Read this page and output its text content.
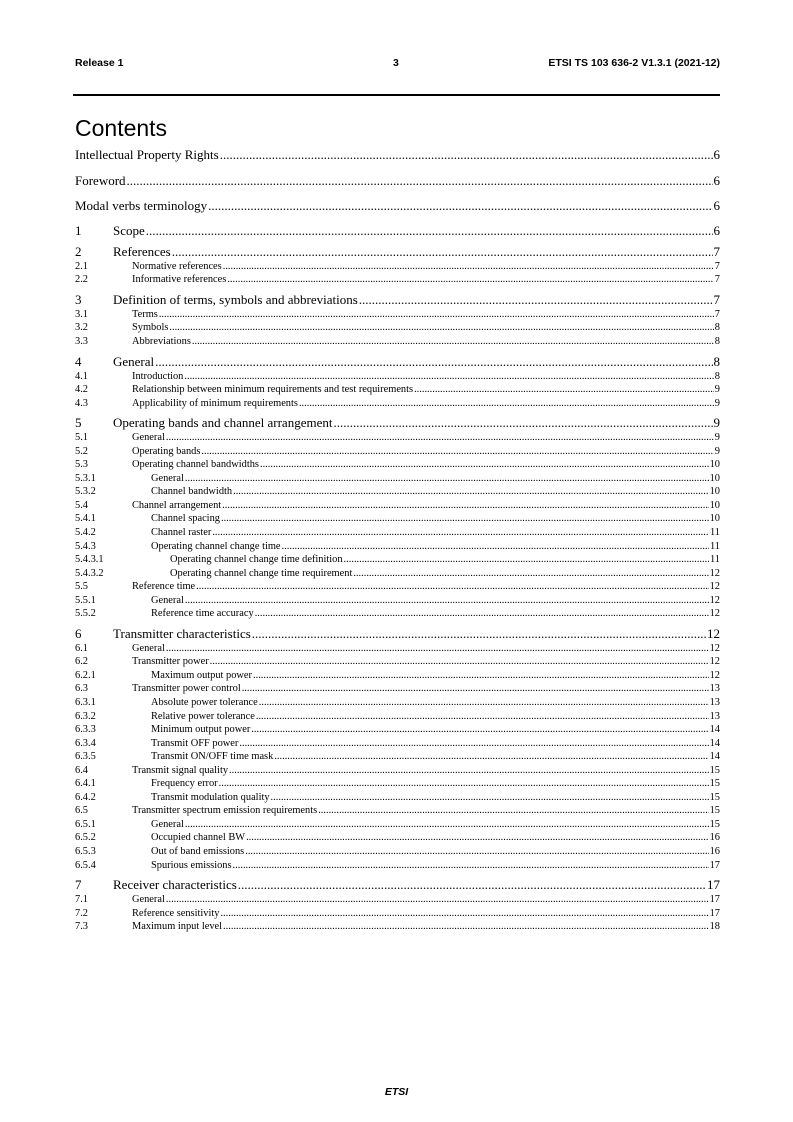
Release 1	3	ETSI TS 103 636-2 V1.3.1 (2021-12)
Contents
Intellectual Property Rights .....	6
Foreword .....	6
Modal verbs terminology .....	6
1	Scope .....	6
2	References .....	7
2.1	Normative references .....	7
2.2	Informative references .....	7
3	Definition of terms, symbols and abbreviations .....	7
3.1	Terms .....	7
3.2	Symbols .....	8
3.3	Abbreviations .....	8
4	General .....	8
4.1	Introduction .....	8
4.2	Relationship between minimum requirements and test requirements .....	9
4.3	Applicability of minimum requirements .....	9
5	Operating bands and channel arrangement .....	9
5.1	General .....	9
5.2	Operating bands .....	9
5.3	Operating channel bandwidths .....	10
5.3.1	General .....	10
5.3.2	Channel bandwidth .....	10
5.4	Channel arrangement .....	10
5.4.1	Channel spacing .....	10
5.4.2	Channel raster .....	11
5.4.3	Operating channel change time .....	11
5.4.3.1	Operating channel change time definition .....	11
5.4.3.2	Operating channel change time requirement .....	12
5.5	Reference time .....	12
5.5.1	General .....	12
5.5.2	Reference time accuracy .....	12
6	Transmitter characteristics .....	12
6.1	General .....	12
6.2	Transmitter power .....	12
6.2.1	Maximum output power .....	12
6.3	Transmitter power control .....	13
6.3.1	Absolute power tolerance .....	13
6.3.2	Relative power tolerance .....	13
6.3.3	Minimum output power .....	14
6.3.4	Transmit OFF power .....	14
6.3.5	Transmit ON/OFF time mask .....	14
6.4	Transmit signal quality .....	15
6.4.1	Frequency error .....	15
6.4.2	Transmit modulation quality .....	15
6.5	Transmitter spectrum emission requirements .....	15
6.5.1	General .....	15
6.5.2	Occupied channel BW .....	16
6.5.3	Out of band emissions .....	16
6.5.4	Spurious emissions .....	17
7	Receiver characteristics .....	17
7.1	General .....	17
7.2	Reference sensitivity .....	17
7.3	Maximum input level .....	18
ETSI
